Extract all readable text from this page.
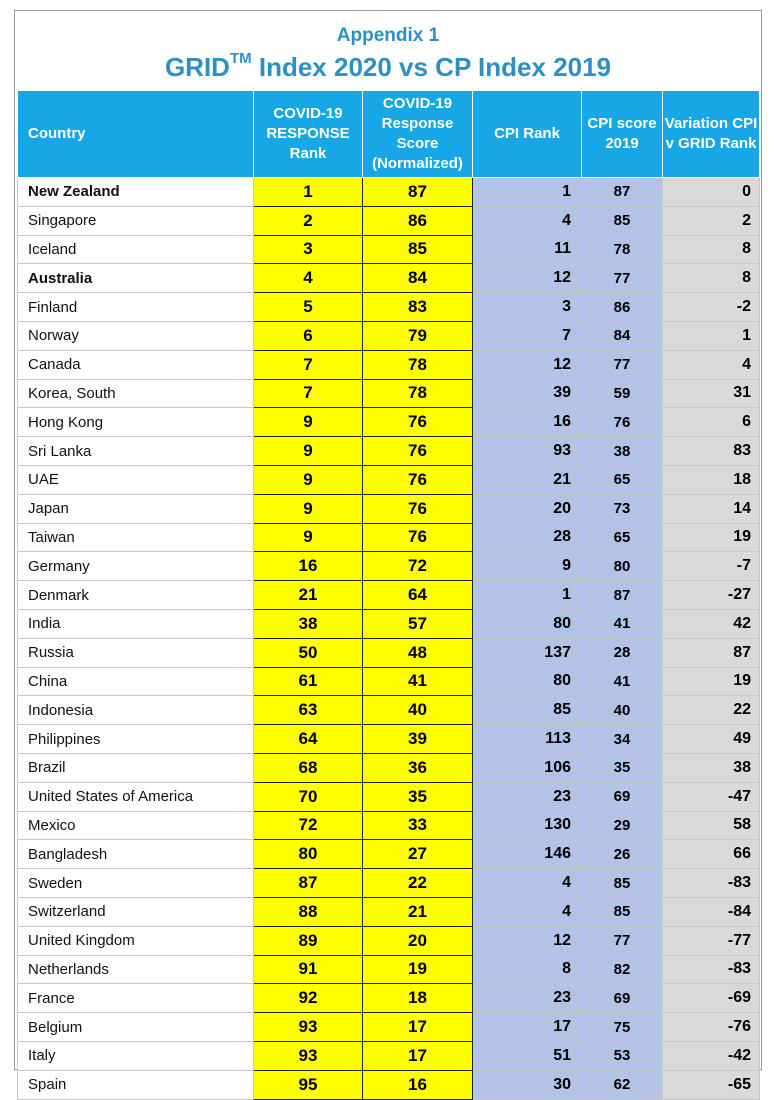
Appendix 1
GRID™ Index 2020 vs CP Index 2019
Country	COVID-19 RESPONSE Rank	COVID-19 Response Score (Normalized)	CPI Rank	CPI score 2019	Variation CPI v GRID Rank
New Zealand	1	87	1	87	0
Singapore	2	86	4	85	2
Iceland	3	85	11	78	8
Australia	4	84	12	77	8
Finland	5	83	3	86	-2
Norway	6	79	7	84	1
Canada	7	78	12	77	4
Korea, South	7	78	39	59	31
Hong Kong	9	76	16	76	6
Sri Lanka	9	76	93	38	83
UAE	9	76	21	65	18
Japan	9	76	20	73	14
Taiwan	9	76	28	65	19
Germany	16	72	9	80	-7
Denmark	21	64	1	87	-27
India	38	57	80	41	42
Russia	50	48	137	28	87
China	61	41	80	41	19
Indonesia	63	40	85	40	22
Philippines	64	39	113	34	49
Brazil	68	36	106	35	38
United States of America	70	35	23	69	-47
Mexico	72	33	130	29	58
Bangladesh	80	27	146	26	66
Sweden	87	22	4	85	-83
Switzerland	88	21	4	85	-84
United Kingdom	89	20	12	77	-77
Netherlands	91	19	8	82	-83
France	92	18	23	69	-69
Belgium	93	17	17	75	-76
Italy	93	17	51	53	-42
Spain	95	16	30	62	-65
